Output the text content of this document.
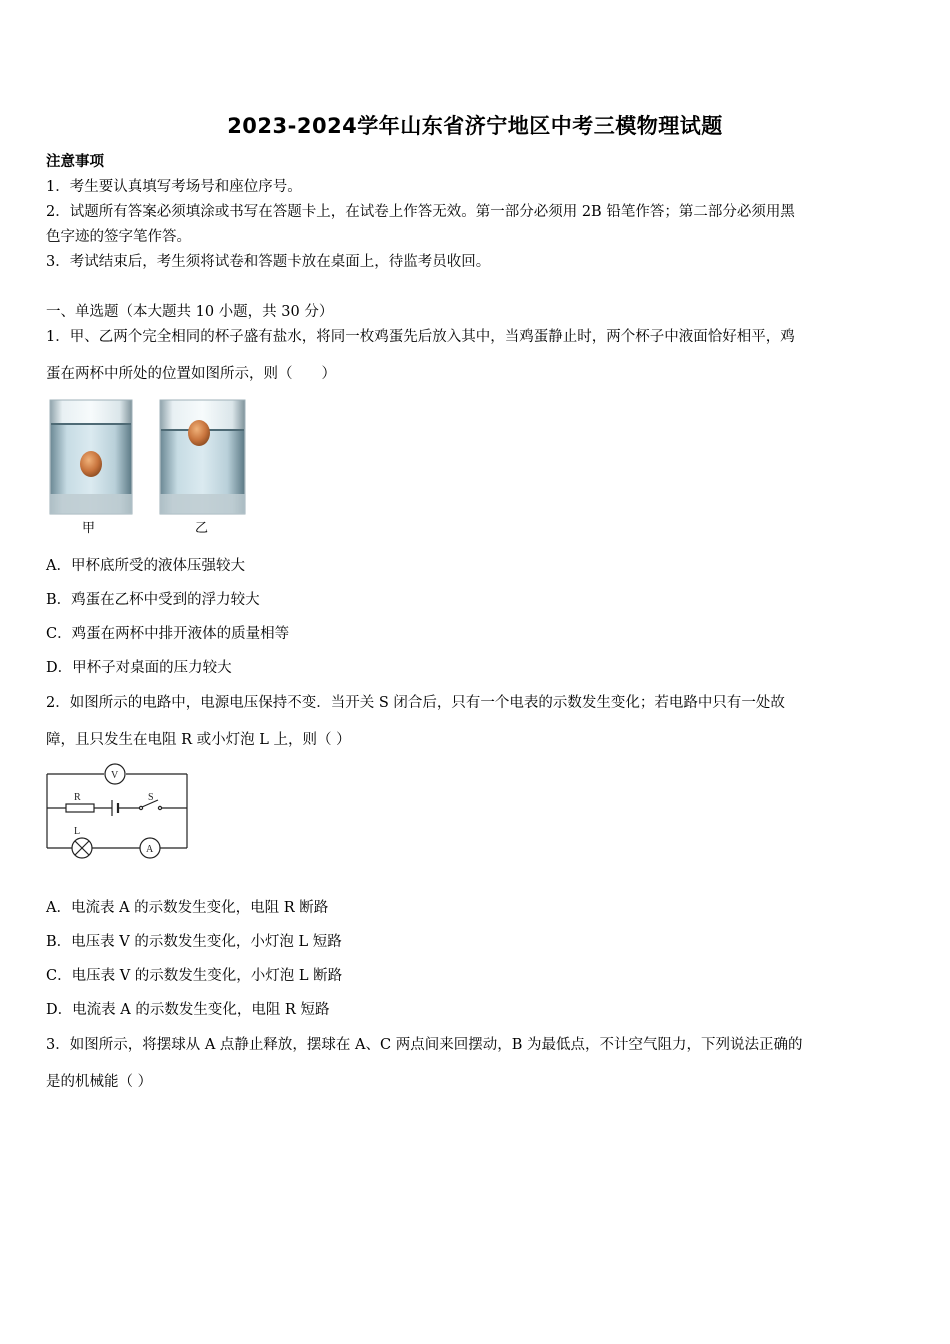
2023-2024学年山东省济宁地区中考三模物理试题
注意事项
1．考生要认真填写考场号和座位序号。
2．试题所有答案必须填涂或书写在答题卡上，在试卷上作答无效。第一部分必须用 2B 铅笔作答；第二部分必须用黑
色字迹的签字笔作答。
3．考试结束后，考生须将试卷和答题卡放在桌面上，待监考员收回。
一、单选题（本大题共 10 小题，共 30 分）
1．甲、乙两个完全相同的杯子盛有盐水，将同一枚鸡蛋先后放入其中，当鸡蛋静止时，两个杯子中液面恰好相平，鸡
蛋在两杯中所处的位置如图所示，则（　　）
甲	乙
A．甲杯底所受的液体压强较大
B．鸡蛋在乙杯中受到的浮力较大
C．鸡蛋在两杯中排开液体的质量相等
D．甲杯子对桌面的压力较大
2．如图所示的电路中，电源电压保持不变．当开关 S 闭合后，只有一个电表的示数发生变化；若电路中只有一处故
障，且只发生在电阻 R 或小灯泡 L 上，则（ ）
V
R	S
L
A
A．电流表 A 的示数发生变化，电阻 R 断路
B．电压表 V 的示数发生变化，小灯泡 L 短路
C．电压表 V 的示数发生变化，小灯泡 L 断路
D．电流表 A 的示数发生变化，电阻 R 短路
3．如图所示，将摆球从 A 点静止释放，摆球在 A、C 两点间来回摆动，B 为最低点，不计空气阻力，下列说法正确的
是的机械能（ ）
